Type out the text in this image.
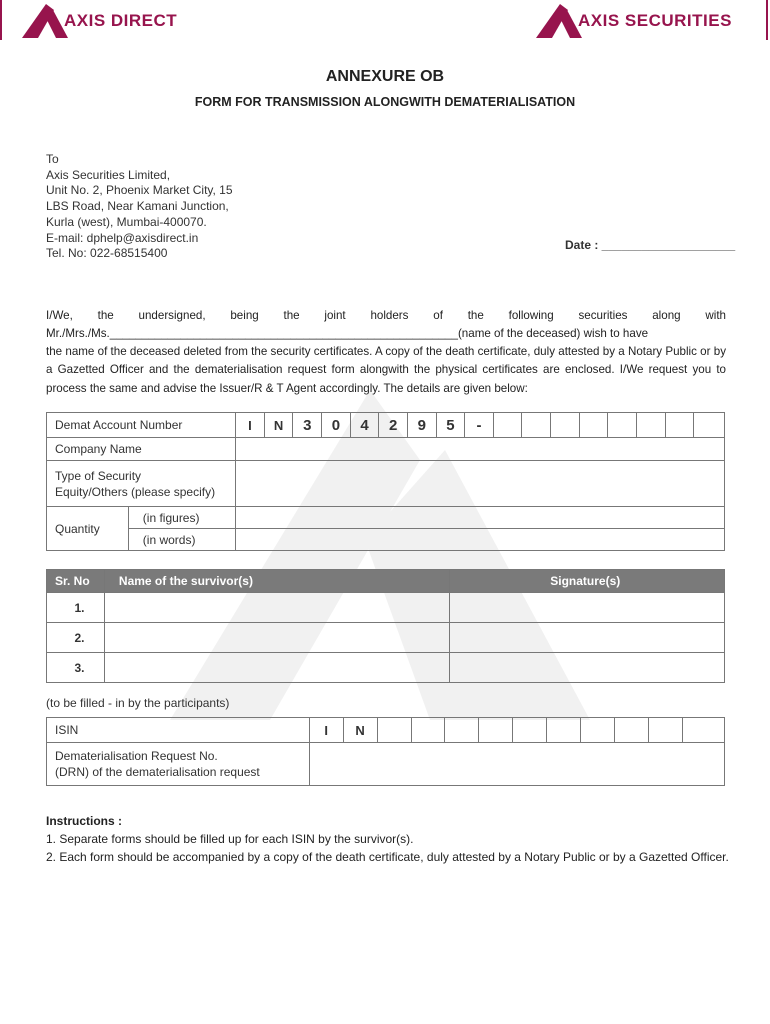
AXIS DIRECT	AXIS SECURITIES
ANNEXURE OB
FORM FOR TRANSMISSION ALONGWITH DEMATERIALISATION
To
Axis Securities Limited,
Unit No. 2, Phoenix Market City, 15
LBS Road, Near Kamani Junction,
Kurla (west), Mumbai-400070.
E-mail: dphelp@axisdirect.in
Tel. No: 022-68515400
Date : ____________________
I/We, the undersigned, being the joint holders of the following securities along with
Mr./Mrs./Ms.______________________________________________________(name of the deceased) wish to have
the name of the deceased deleted from the security certificates. A copy of the death certificate, duly attested by a Notary Public or by a Gazetted Officer and the dematerialisation request form alongwith the physical certificates are enclosed. I/We request you to process the same and advise the Issuer/R & T Agent accordingly. The details are given below:
Demat Account Number		I	N	3	0	4	2	9	5	-								
Company Name																		
Type of Security
Equity/Others (please specify)																		
Quantity	(in figures)																	
	(in words)																	
Sr. No	Name of the survivor(s)	Signature(s)
1.		
2.		
3.		
(to be filled - in by the participants)
ISIN	I	N										
Dematerialisation Request No.
(DRN) of the dematerialisation request												
Instructions :
1. Separate forms should be filled up for each ISIN by the survivor(s).
2. Each form should be accompanied by a copy of the death certificate, duly attested by a Notary Public or by a Gazetted Officer.
